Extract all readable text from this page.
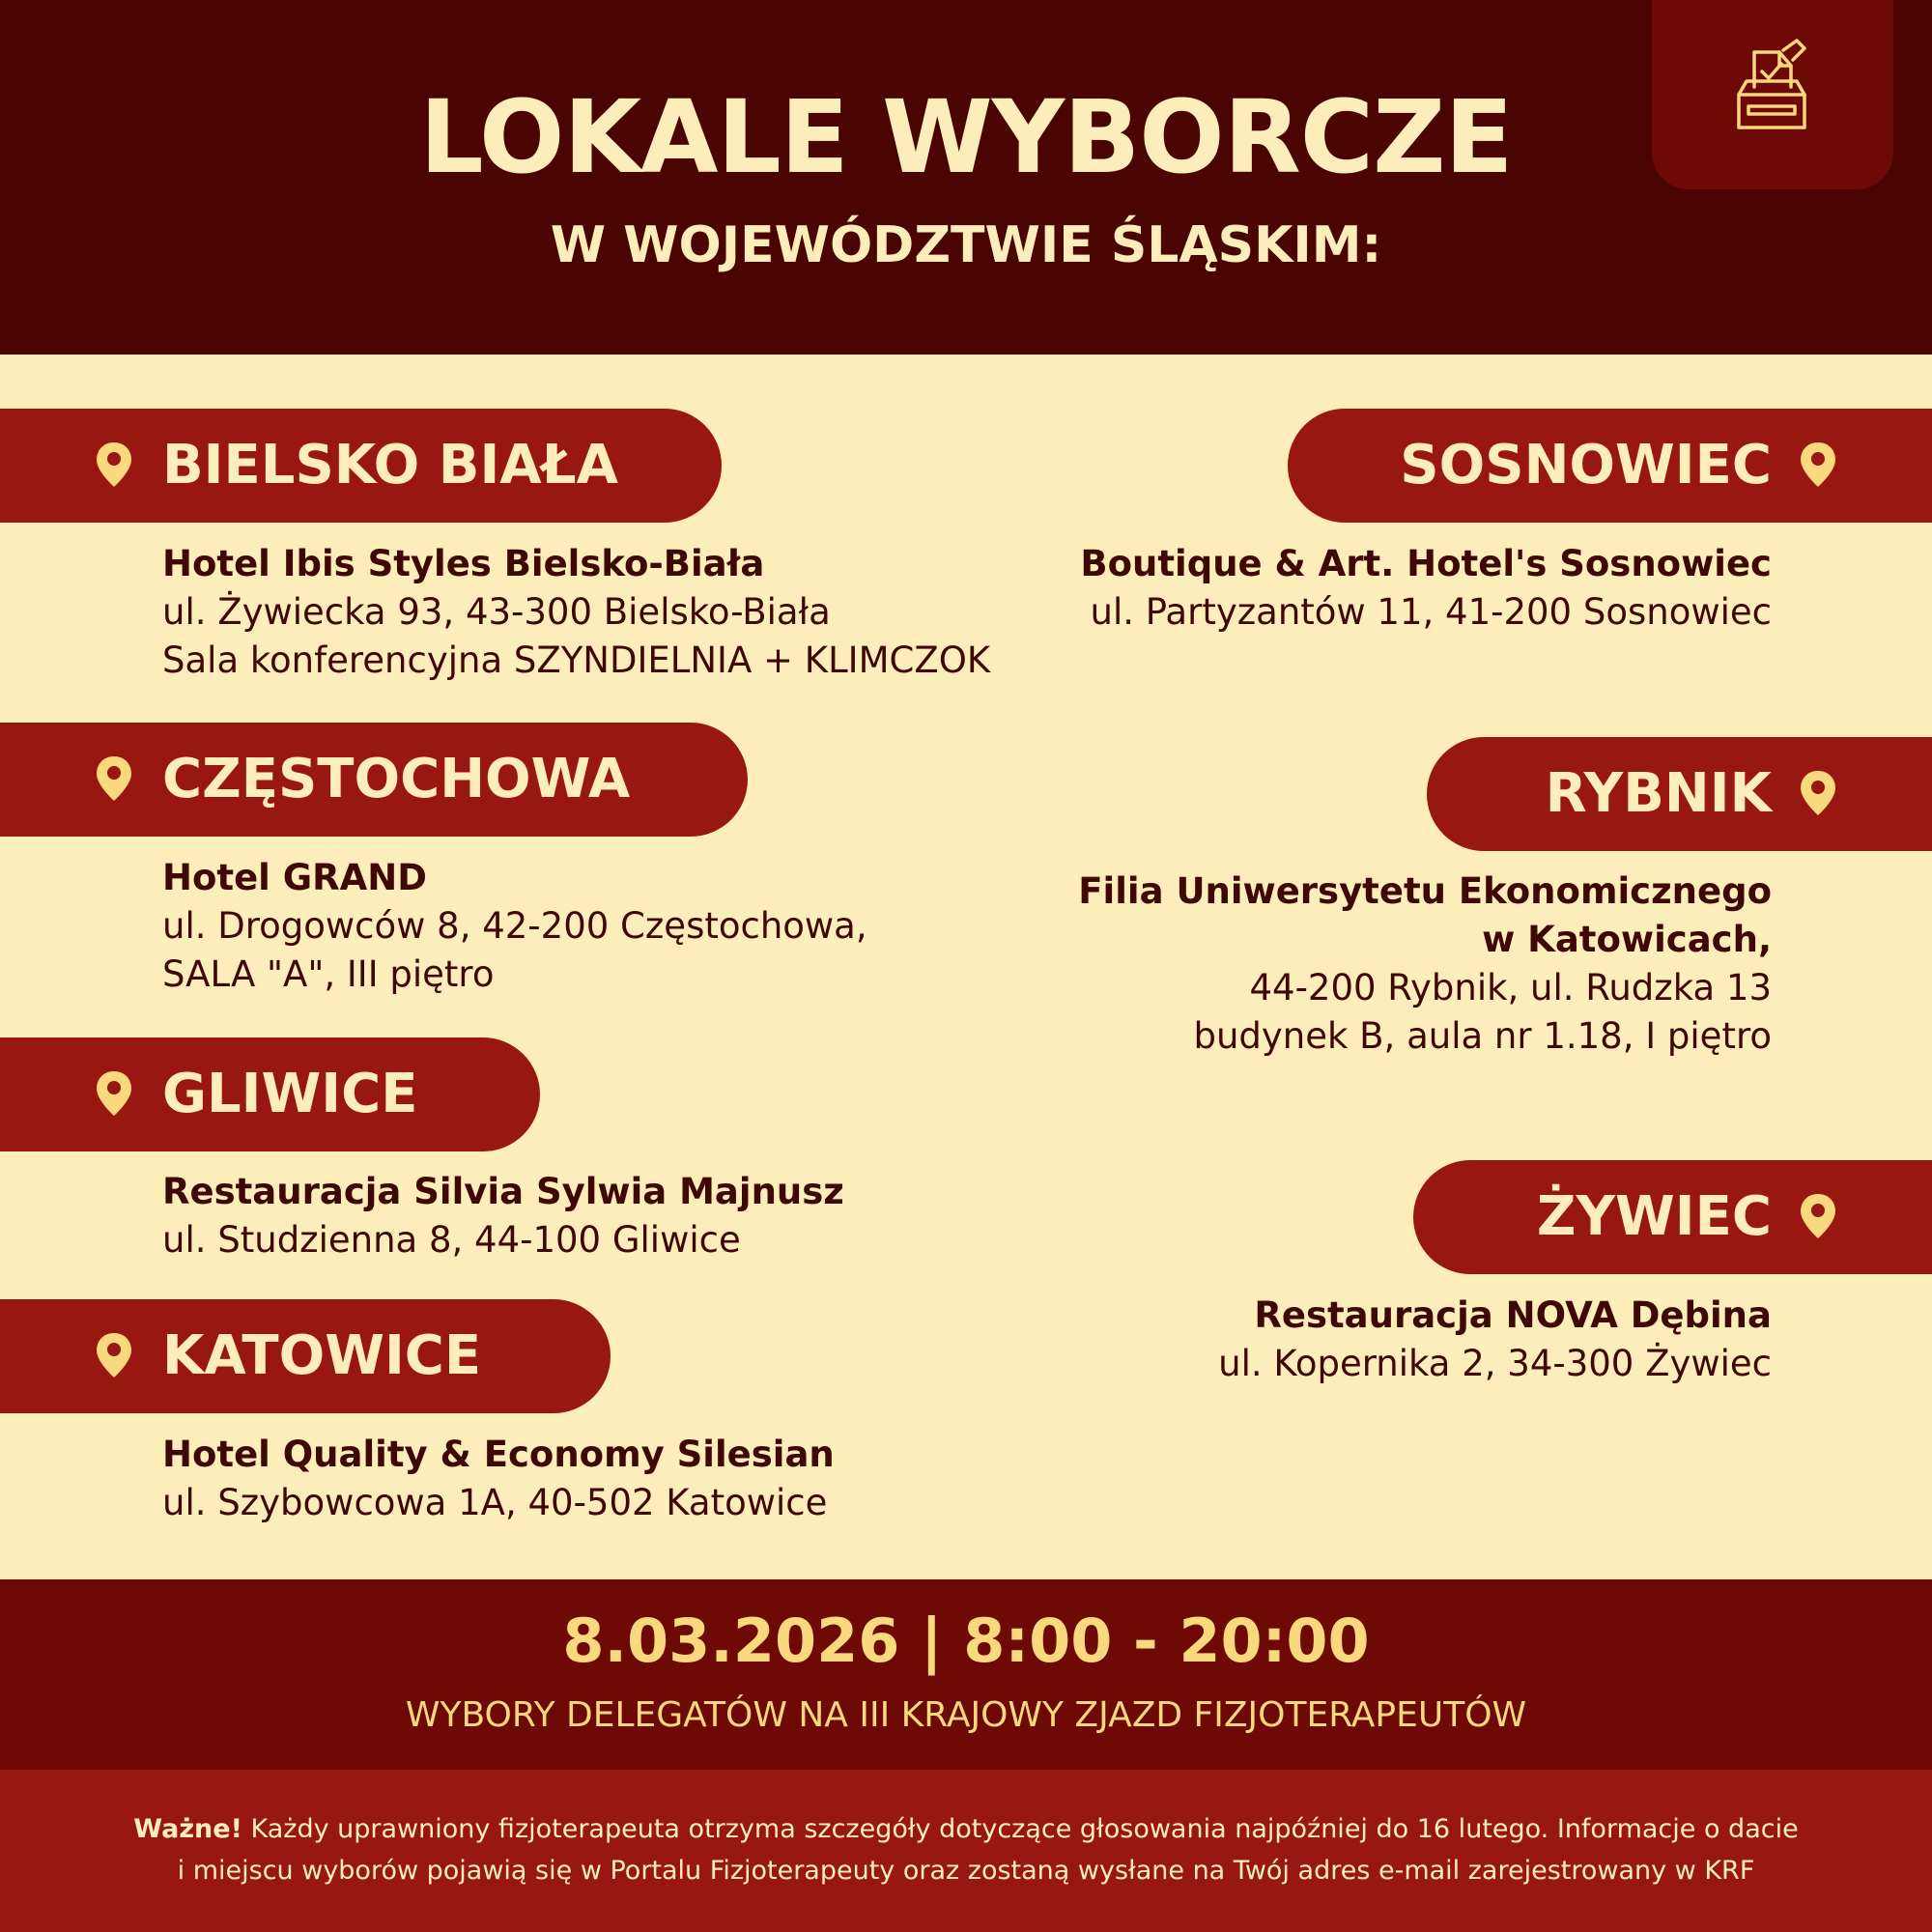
LOKALE WYBORCZE
W WOJEWÓDZTWIE ŚLĄSKIM:
BIELSKO BIAŁA
Hotel Ibis Styles Bielsko-Biała
ul. Żywiecka 93, 43-300 Bielsko-Biała
Sala konferencyjna SZYNDIELNIA + KLIMCZOK
CZĘSTOCHOWA
Hotel GRAND
ul. Drogowców 8, 42-200 Częstochowa,
SALA "A", III piętro
GLIWICE
Restauracja Silvia Sylwia Majnusz
ul. Studzienna 8, 44-100 Gliwice
KATOWICE
Hotel Quality & Economy Silesian
ul. Szybowcowa 1A, 40-502 Katowice
SOSNOWIEC
Boutique & Art. Hotel's Sosnowiec
ul. Partyzantów 11, 41-200 Sosnowiec
RYBNIK
Filia Uniwersytetu Ekonomicznego
w Katowicach,
44-200 Rybnik, ul. Rudzka 13
budynek B, aula nr 1.18, I piętro
ŻYWIEC
Restauracja NOVA Dębina
ul. Kopernika 2, 34-300 Żywiec
8.03.2026 | 8:00 - 20:00
WYBORY DELEGATÓW NA III KRAJOWY ZJAZD FIZJOTERAPEUTÓW
Ważne! Każdy uprawniony fizjoterapeuta otrzyma szczegóły dotyczące głosowania najpóźniej do 16 lutego. Informacje o dacie
i miejscu wyborów pojawią się w Portalu Fizjoterapeuty oraz zostaną wysłane na Twój adres e-mail zarejestrowany w KRF
